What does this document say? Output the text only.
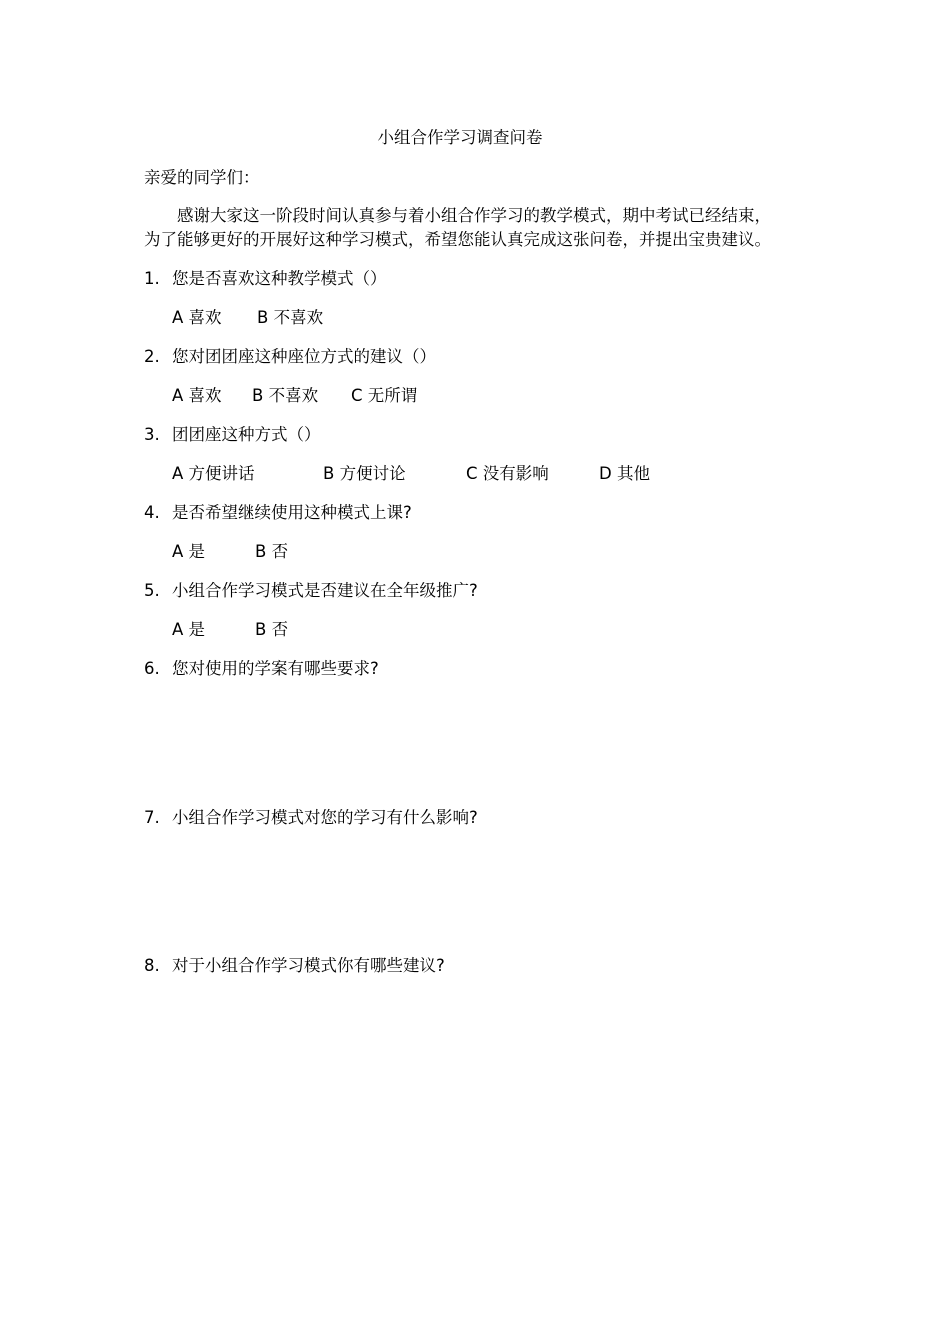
小组合作学习调查问卷
亲爱的同学们：
感谢大家这一阶段时间认真参与着小组合作学习的教学模式，期中考试已经结束，
为了能够更好的开展好这种学习模式，希望您能认真完成这张问卷，并提出宝贵建议。
1. 您是否喜欢这种教学模式（）
A 喜欢 B 不喜欢
2. 您对团团座这种座位方式的建议（）
A 喜欢 B 不喜欢 C 无所谓
3. 团团座这种方式（）
A 方便讲话	B 方便讨论	C 没有影响	D 其他
4. 是否希望继续使用这种模式上课?
A 是	B 否
5. 小组合作学习模式是否建议在全年级推广?
A 是	B 否
6. 您对使用的学案有哪些要求?
7. 小组合作学习模式对您的学习有什么影响?
8. 对于小组合作学习模式你有哪些建议?
